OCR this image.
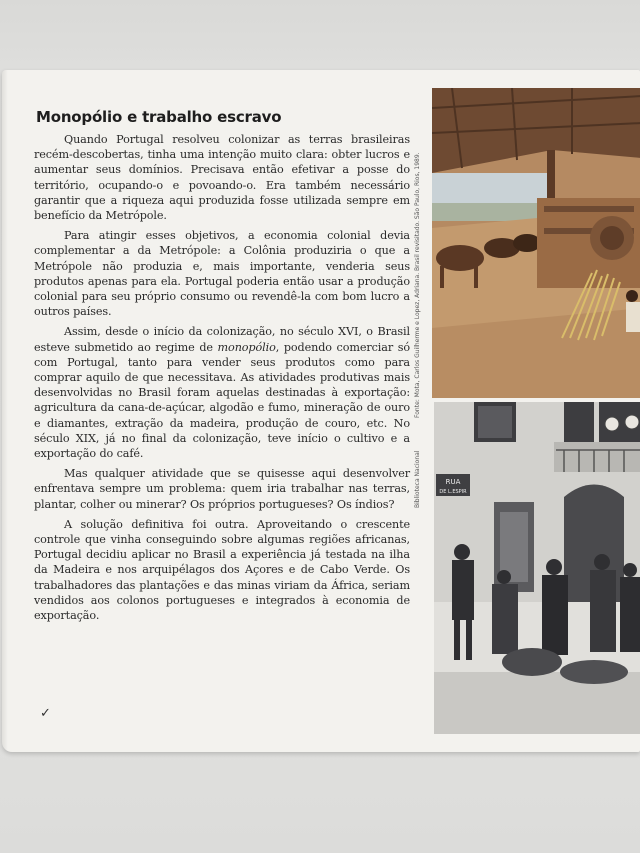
Monopólio e trabalho escravo

Quando Portugal resolveu colonizar as terras brasileiras recém-descobertas, tinha uma intenção muito clara: obter lucros e aumentar seus domínios. Precisava então efetivar a posse do território, ocupando-o e povoando-o. Era também necessário garantir que a riqueza aqui produzida fosse utilizada sempre em benefício da Metrópole.

Para atingir esses objetivos, a economia colonial devia complementar a da Metrópole: a Colônia produziria o que a Metrópole não produzia e, mais importante, venderia seus produtos apenas para ela. Portugal poderia então usar a produção colonial para seu próprio consumo ou revendê-la com bom lucro a outros países.

Assim, desde o início da colonização, no século XVI, o Brasil esteve submetido ao regime de monopólio, podendo comerciar só com Portugal, tanto para vender seus produtos como para comprar aquilo de que necessitava. As atividades produtivas mais desenvolvidas no Brasil foram aquelas destinadas à exportação: agricultura da cana-de-açúcar, algodão e fumo, mineração de ouro e diamantes, extração da madeira, produção de couro, etc. No século XIX, já no final da colonização, teve início o cultivo e a exportação do café.

Mas qualquer atividade que se quisesse aqui desenvolver enfrentava sempre um problema: quem iria trabalhar nas terras, plantar, colher ou minerar? Os próprios portugueses? Os índios?

A solução definitiva foi outra. Aproveitando o crescente controle que vinha conseguindo sobre algumas regiões africanas, Portugal decidiu aplicar no Brasil a experiência já testada na ilha da Madeira e nos arquipélagos dos Açores e de Cabo Verde. Os trabalhadores das plantações e das minas viriam da África, seriam vendidos aos colonos portugueses e integrados à economia de exportação.

✓
Fonte: Mota, Carlos Guilherme e Lopez, Adriana. Brasil revisitado. São Paulo, Rios, 1989.
Biblioteca Nacional	RUA
DE L.ESPIR
